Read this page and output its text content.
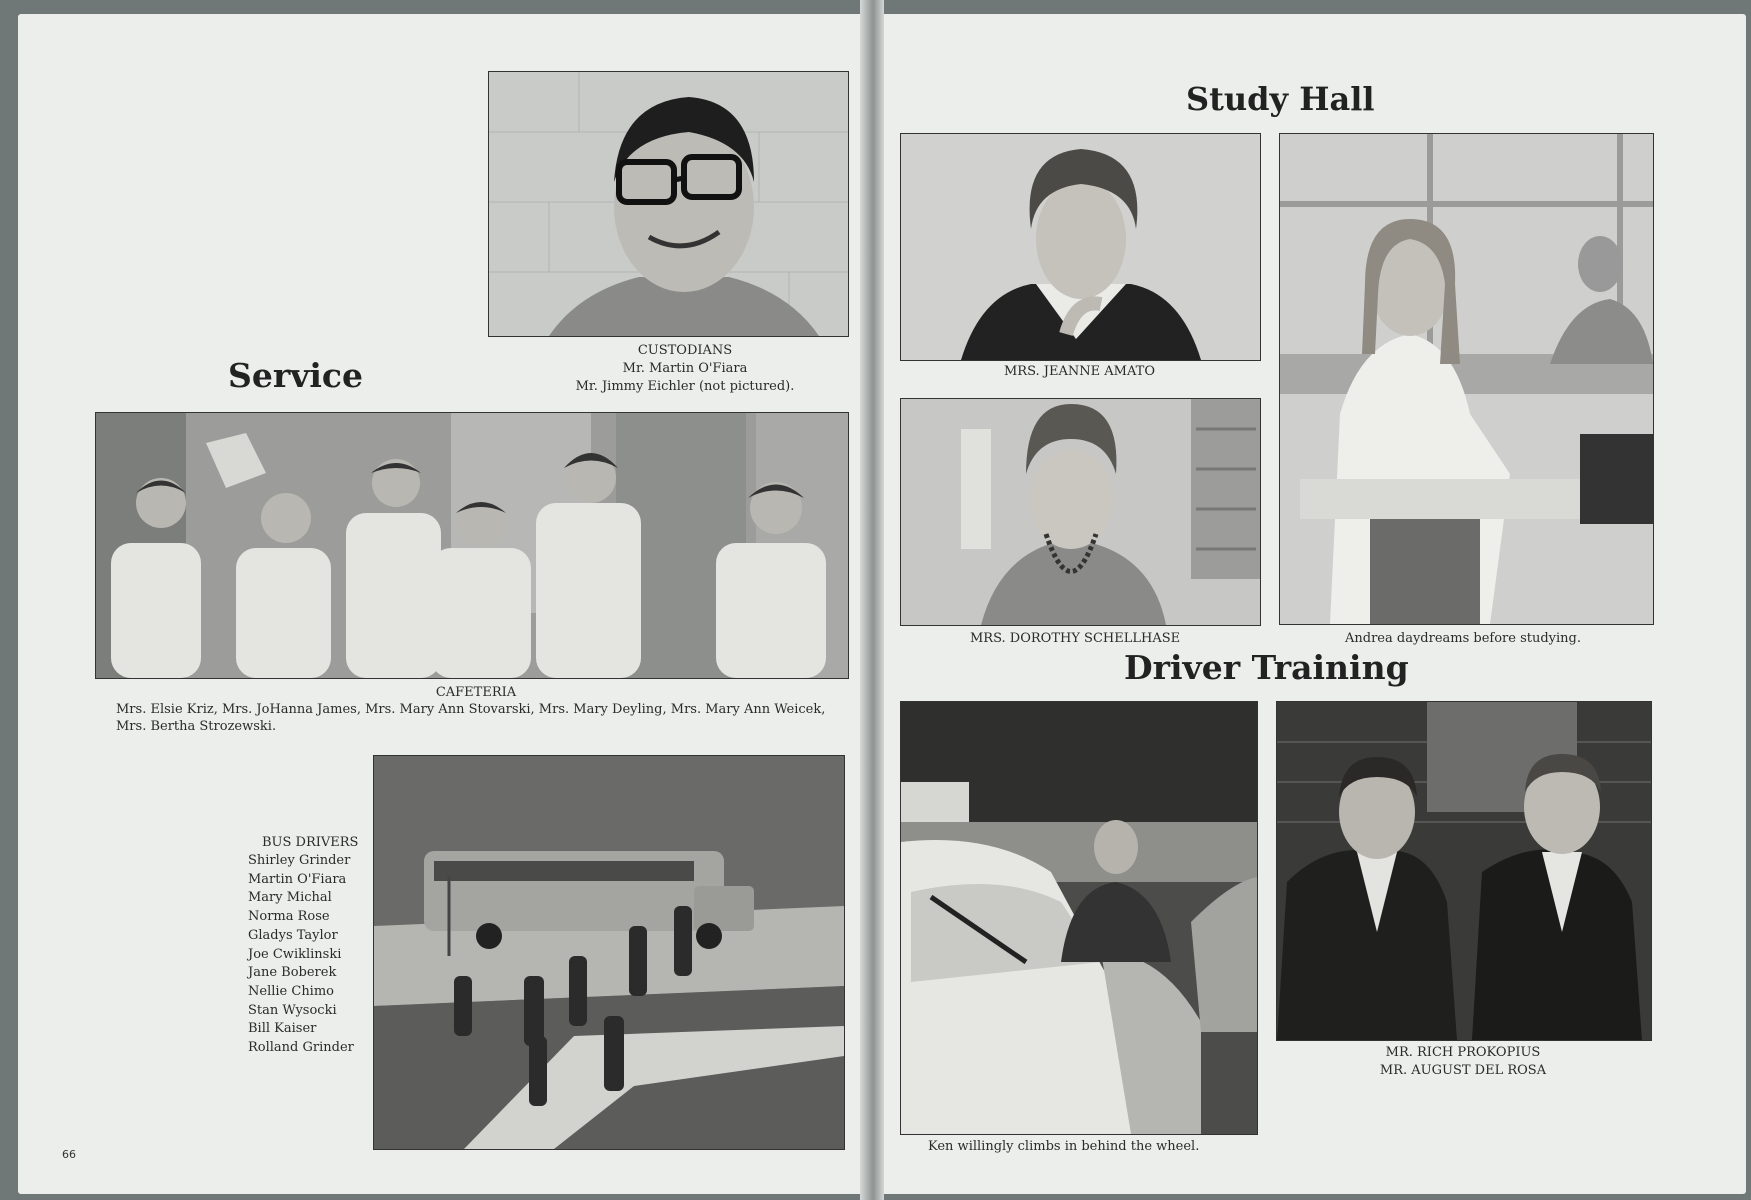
Service
CUSTODIANS
Mr. Martin O'Fiara
Mr. Jimmy Eichler (not pictured).
CAFETERIA
Mrs. Elsie Kriz, Mrs. JoHanna James, Mrs. Mary Ann Stovarski, Mrs. Mary Deyling, Mrs. Mary Ann Weicek, Mrs. Bertha Strozewski.
BUS DRIVERS
Shirley Grinder
Martin O'Fiara
Mary Michal
Norma Rose
Gladys Taylor
Joe Cwiklinski
Jane Boberek
Nellie Chimo
Stan Wysocki
Bill Kaiser
Rolland Grinder
66
Study Hall
MRS. JEANNE AMATO
MRS. DOROTHY SCHELLHASE	Andrea daydreams before studying.
Driver Training
MR. RICH PROKOPIUS
MR. AUGUST DEL ROSA
Ken willingly climbs in behind the wheel.
